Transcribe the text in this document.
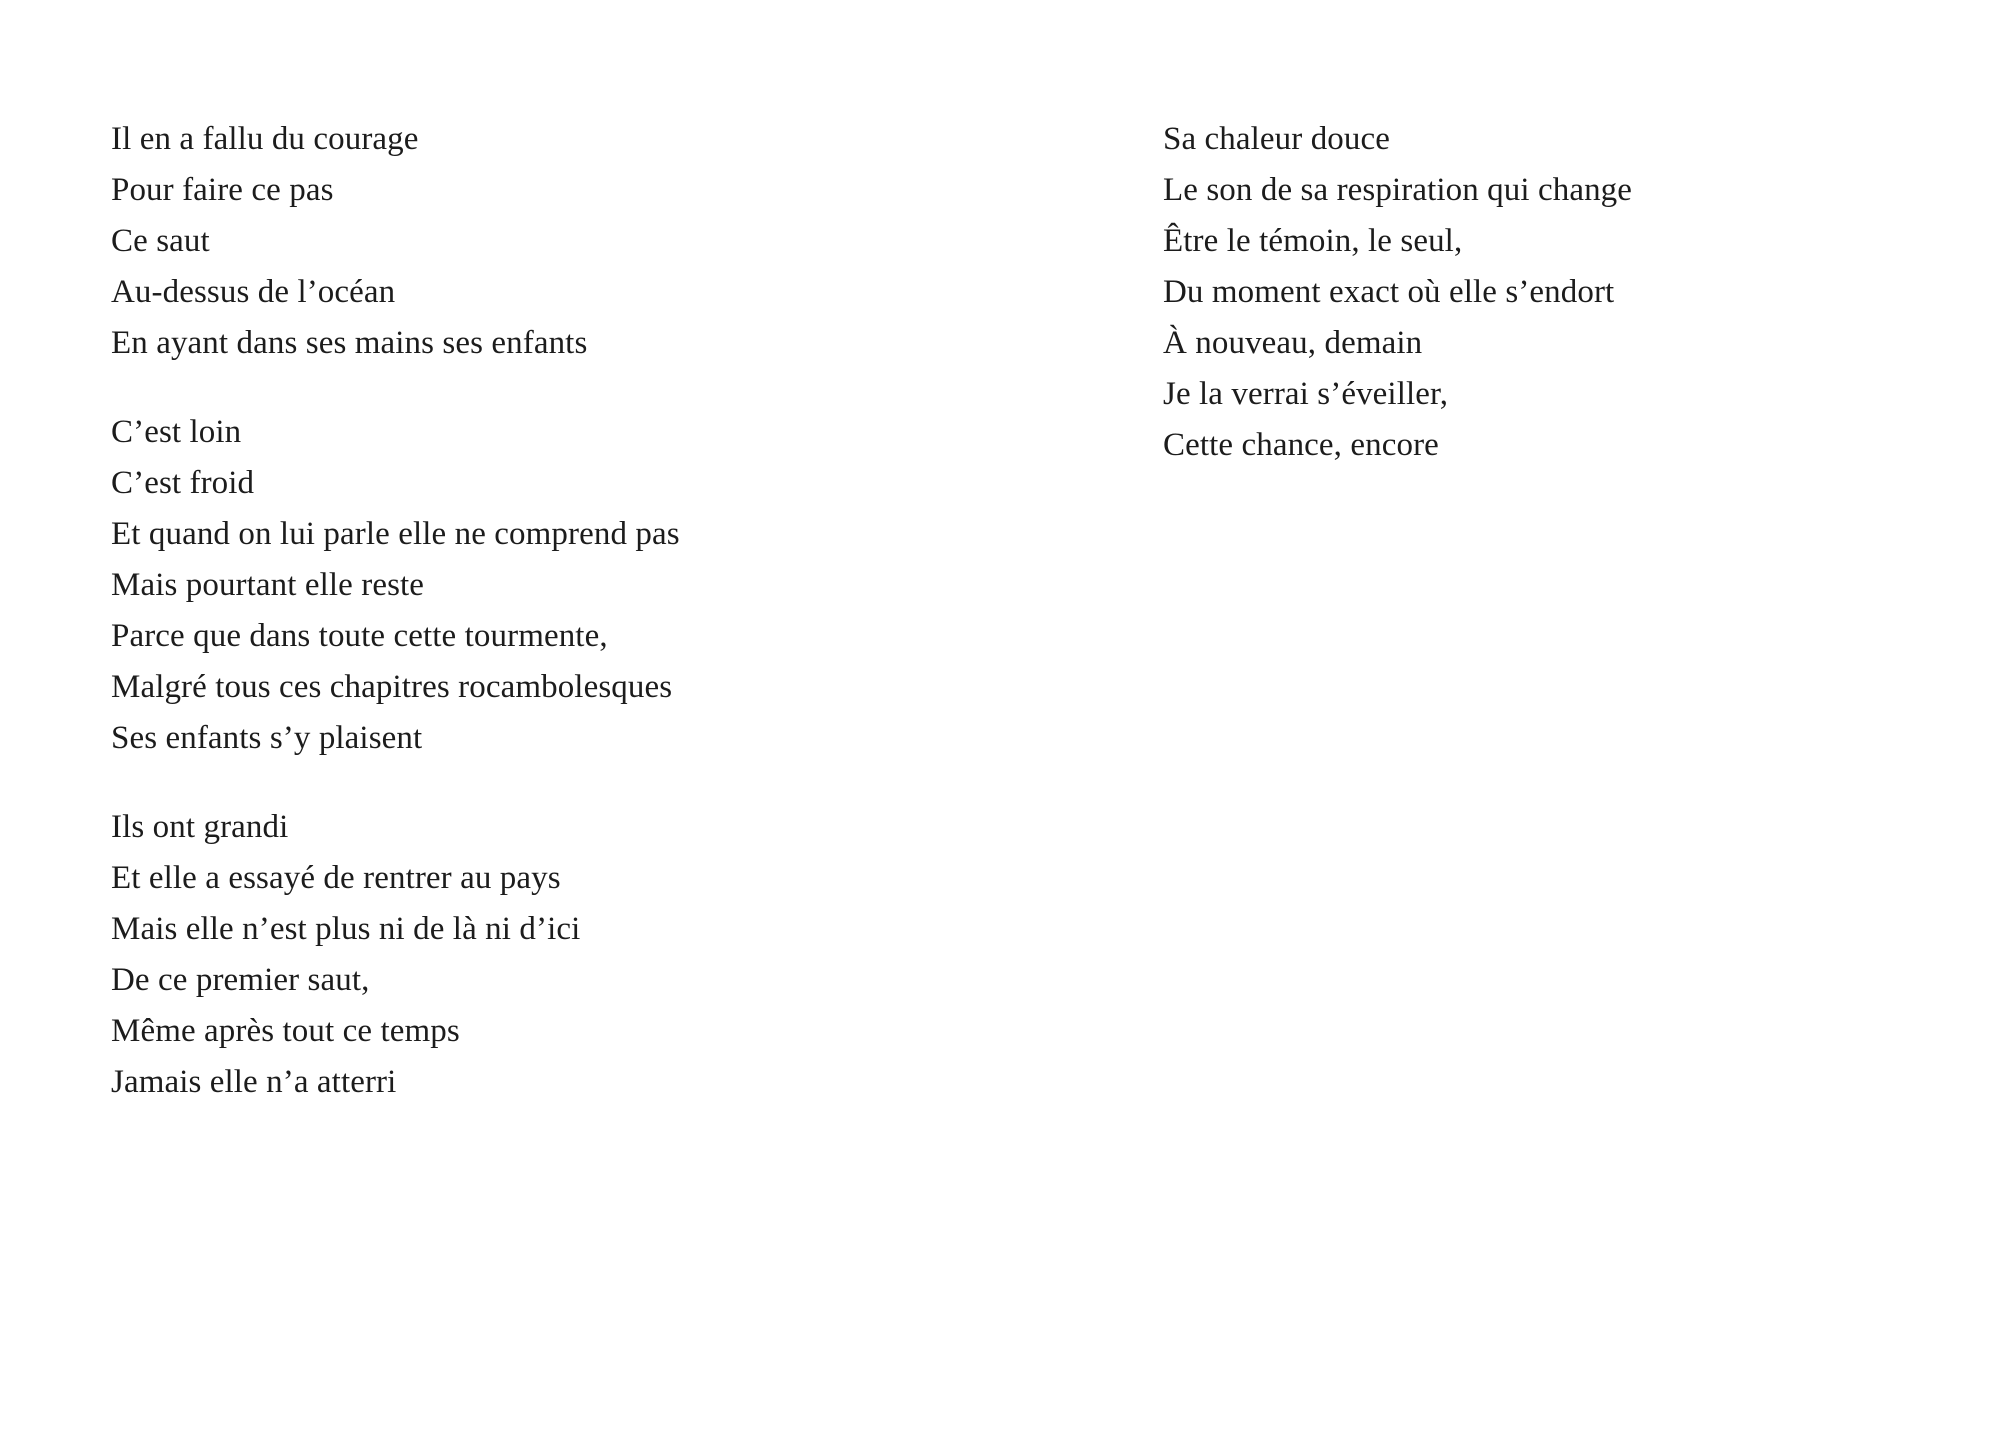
Il en a fallu du courage
Pour faire ce pas
Ce saut
Au-dessus de l’océan
En ayant dans ses mains ses enfants
C’est loin
C’est froid
Et quand on lui parle elle ne comprend pas
Mais pourtant elle reste
Parce que dans toute cette tourmente,
Malgré tous ces chapitres rocambolesques
Ses enfants s’y plaisent
Ils ont grandi
Et elle a essayé de rentrer au pays
Mais elle n’est plus ni de là ni d’ici
De ce premier saut,
Même après tout ce temps
Jamais elle n’a atterri
Sa chaleur douce
Le son de sa respiration qui change
Être le témoin, le seul,
Du moment exact où elle s’endort
À nouveau, demain
Je la verrai s’éveiller,
Cette chance, encore
